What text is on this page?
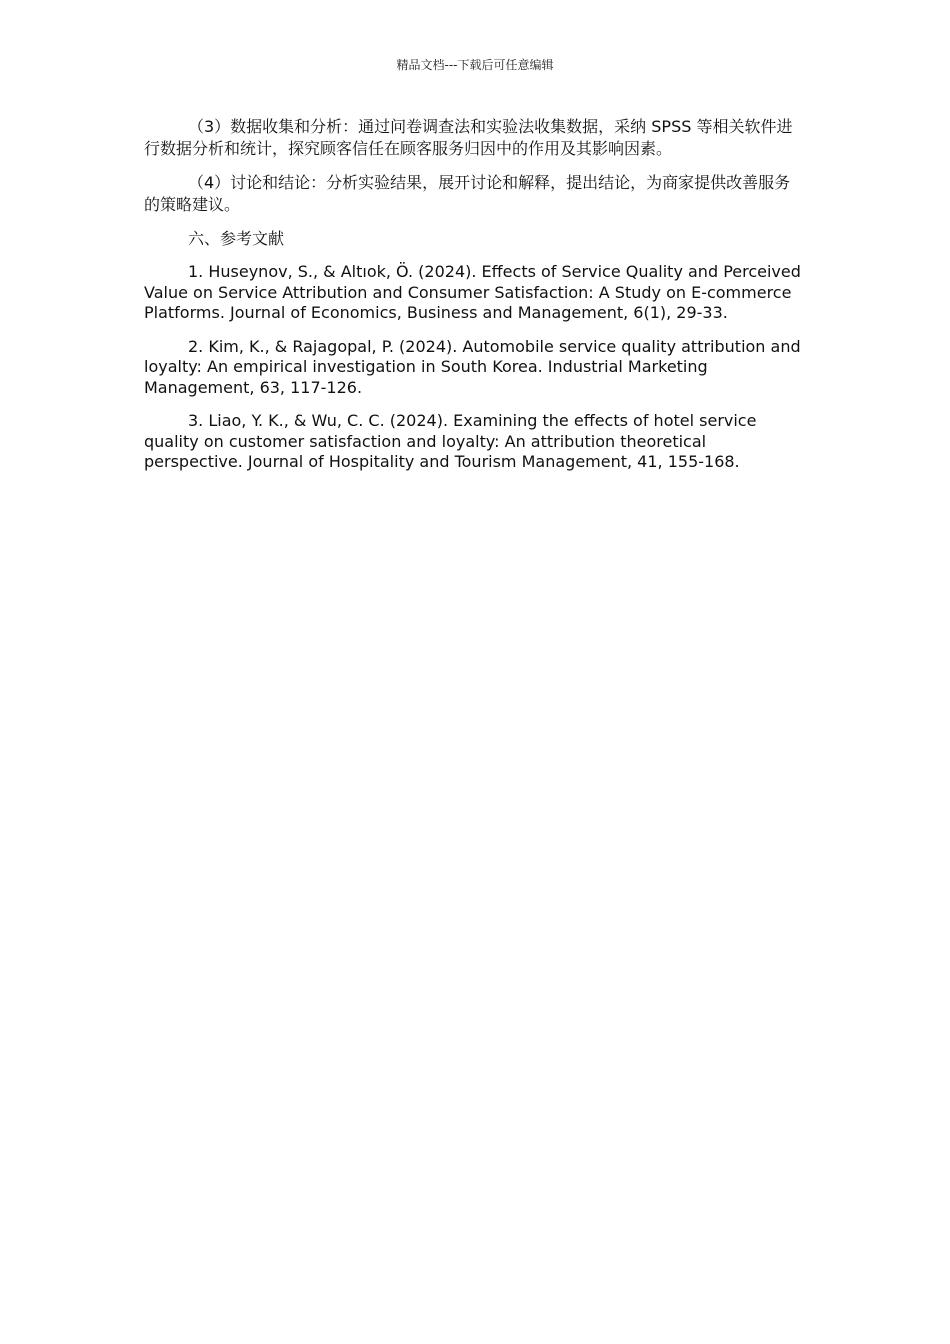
精品文档---下载后可任意编辑

（3）数据收集和分析：通过问卷调查法和实验法收集数据，采纳 SPSS 等相关软件进行数据分析和统计，探究顾客信任在顾客服务归因中的作用及其影响因素。

（4）讨论和结论：分析实验结果，展开讨论和解释，提出结论，为商家提供改善服务的策略建议。

六、参考文献

1. Huseynov, S., & Altıok, Ö. (2024). Effects of Service Quality and Perceived Value on Service Attribution and Consumer Satisfaction: A Study on E-commerce Platforms. Journal of Economics, Business and Management, 6(1), 29-33.

2. Kim, K., & Rajagopal, P. (2024). Automobile service quality attribution and loyalty: An empirical investigation in South Korea. Industrial Marketing Management, 63, 117-126.

3. Liao, Y. K., & Wu, C. C. (2024). Examining the effects of hotel service quality on customer satisfaction and loyalty: An attribution theoretical perspective. Journal of Hospitality and Tourism Management, 41, 155-168.
